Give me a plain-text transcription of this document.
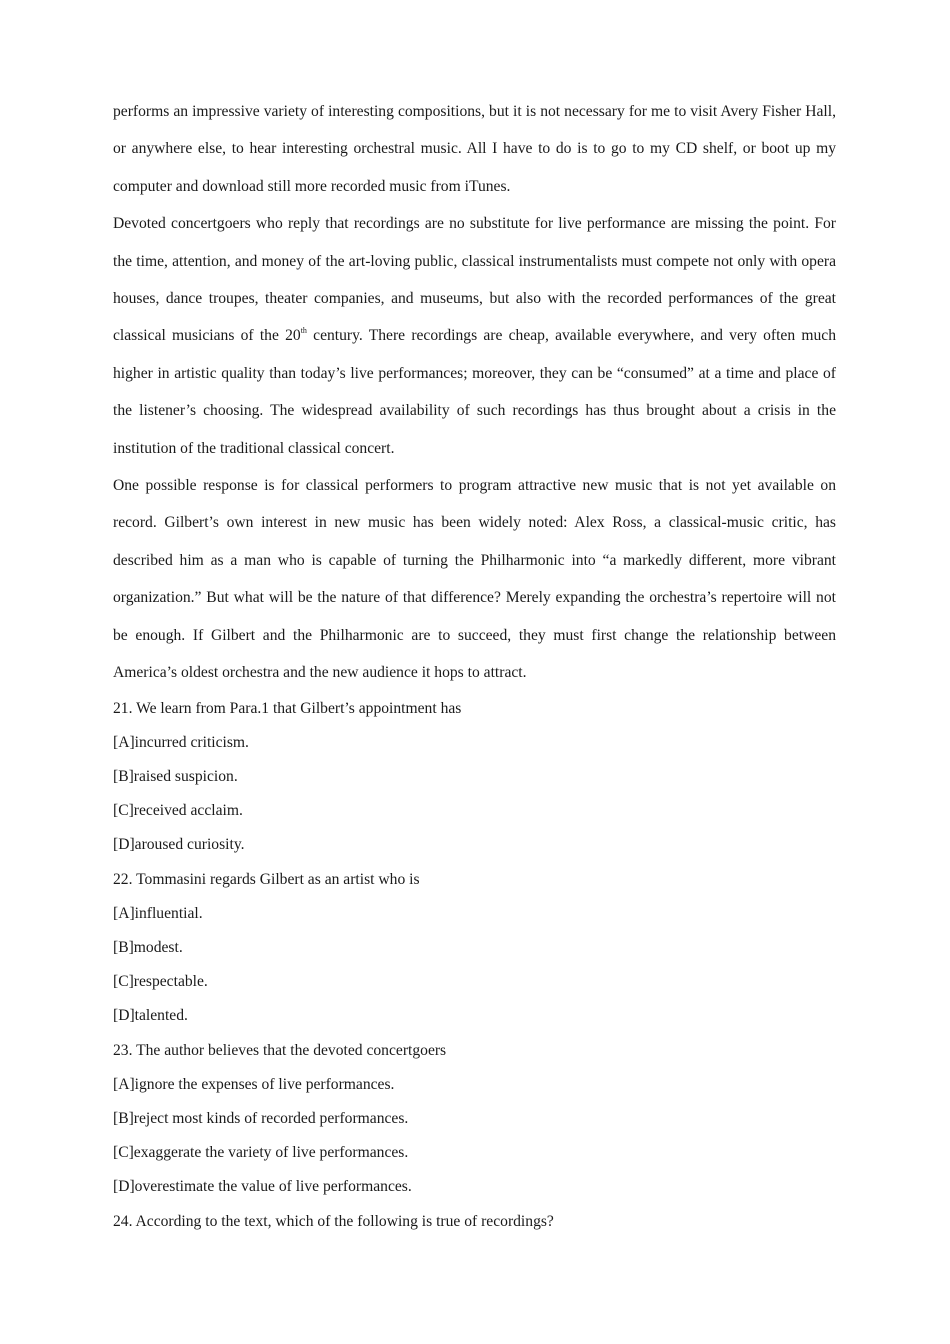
performs an impressive variety of interesting compositions, but it is not necessary for me to visit Avery Fisher Hall, or anywhere else, to hear interesting orchestral music. All I have to do is to go to my CD shelf, or boot up my computer and download still more recorded music from iTunes.

Devoted concertgoers who reply that recordings are no substitute for live performance are missing the point. For the time, attention, and money of the art-loving public, classical instrumentalists must compete not only with opera houses, dance troupes, theater companies, and museums, but also with the recorded performances of the great classical musicians of the 20th century. There recordings are cheap, available everywhere, and very often much higher in artistic quality than today’s live performances; moreover, they can be “consumed” at a time and place of the listener’s choosing. The widespread availability of such recordings has thus brought about a crisis in the institution of the traditional classical concert.

One possible response is for classical performers to program attractive new music that is not yet available on record. Gilbert’s own interest in new music has been widely noted: Alex Ross, a classical-music critic, has described him as a man who is capable of turning the Philharmonic into “a markedly different, more vibrant organization.” But what will be the nature of that difference? Merely expanding the orchestra’s repertoire will not be enough. If Gilbert and the Philharmonic are to succeed, they must first change the relationship between America’s oldest orchestra and the new audience it hops to attract.

21. We learn from Para.1 that Gilbert’s appointment has

[A]incurred criticism.

[B]raised suspicion.

[C]received acclaim.

[D]aroused curiosity.

22. Tommasini regards Gilbert as an artist who is

[A]influential.

[B]modest.

[C]respectable.

[D]talented.

23. The author believes that the devoted concertgoers

[A]ignore the expenses of live performances.

[B]reject most kinds of recorded performances.

[C]exaggerate the variety of live performances.

[D]overestimate the value of live performances.

24. According to the text, which of the following is true of recordings?
